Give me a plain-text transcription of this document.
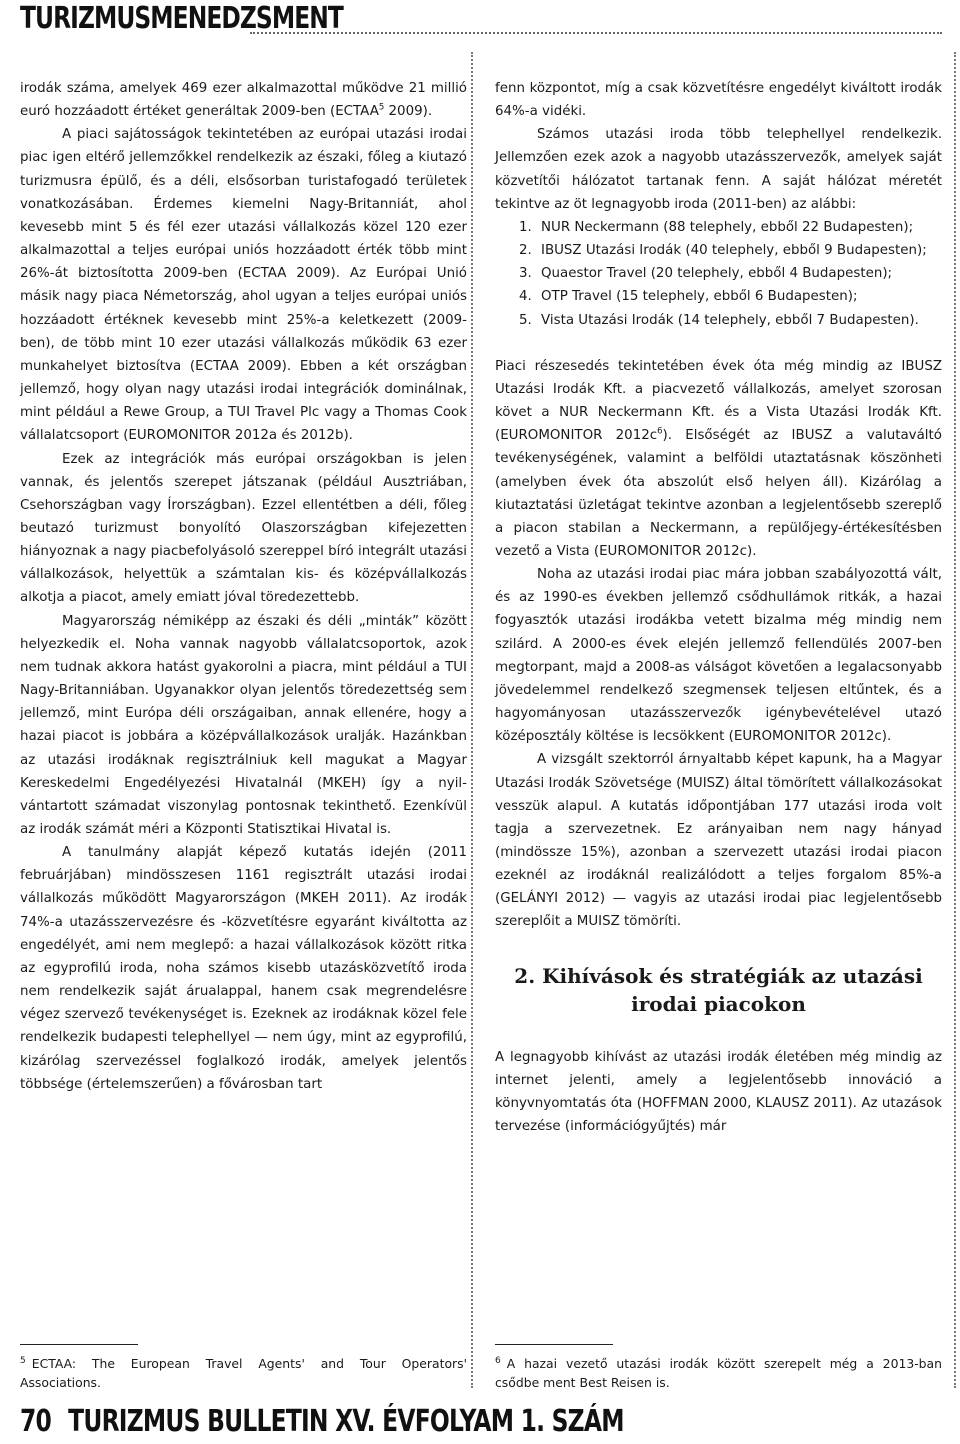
TURIZMUSMENEDZSMENT

irodák száma, amelyek 469 ezer alkalmazottal működve 21 millió euró hozzáadott értéket generáltak 2009-ben (ECTAA$^5$ 2009).

A piaci sajátosságok tekintetében az európai utazási irodai piac igen eltérő jellemzőkkel rendelkezik az északi, főleg a kiutazó turizmusra épülő, és a déli, elsősorban turistafogadó területek vonatkozásában. Érdemes kiemelni Nagy-Britanniát, ahol kevesebb mint 5 és fél ezer utazási vállalkozás közel 120 ezer alkalmazottal a teljes európai uniós hozzáadott érték több mint 26%-át biztosította 2009-ben (ECTAA 2009). Az Európai Unió másik nagy piaca Németország, ahol ugyan a teljes európai uniós hozzáadott értéknek kevesebb mint 25%-a keletkezett (2009-ben), de több mint 10 ezer utazási vállalkozás működik 63 ezer munkahelyet biztosítva (ECTAA 2009). Ebben a két országban jellemző, hogy olyan nagy utazási irodai integrációk dominálnak, mint például a Rewe Group, a TUI Travel Plc vagy a Thomas Cook vállalatcsoport (EUROMONITOR 2012a és 2012b).

Ezek az integrációk más európai országokban is jelen vannak, és jelentős szerepet játszanak (például Ausztriában, Csehországban vagy Írországban). Ezzel ellentétben a déli, főleg beutazó turizmust bonyolító Olaszországban kifejezetten hiányoznak a nagy piacbefolyásoló szereppel bíró integrált utazási vállalkozások, helyettük a számtalan kis- és középvállalkozás alkotja a piacot, amely emiatt jóval töredezettebb.

Magyarország némiképp az északi és déli „minták” között helyezkedik el. Noha vannak nagyobb vállalatcsoportok, azok nem tudnak akkora hatást gyakorolni a piacra, mint például a TUI Nagy-Britanniában. Ugyanakkor olyan jelentős töredezettség sem jellemző, mint Európa déli országaiban, annak ellenére, hogy a hazai piacot is jobbára a középvállalkozások uralják. Hazánkban az utazási irodáknak regisztrálniuk kell magukat a Magyar Kereskedelmi Engedélyezési Hivatalnál (MKEH) így a nyilvántartott számadat viszonylag pontosnak tekinthető. Ezenkívül az irodák számát méri a Központi Statisztikai Hivatal is.

A tanulmány alapját képező kutatás idején (2011 februárjában) mindösszesen 1161 regisztrált utazási irodai vállalkozás működött Magyarországon (MKEH 2011). Az irodák 74%-a utazásszervezésre és -közvetítésre egyaránt kiváltotta az engedélyét, ami nem meglepő: a hazai vállalkozások között ritka az egyprofilú iroda, noha számos kisebb utazásközvetítő iroda nem rendelkezik saját árualappal, hanem csak megrendelésre végez szervező tevékenységet is. Ezeknek az irodáknak közel fele rendelkezik budapesti telephellyel — nem úgy, mint az egyprofilú, kizárólag szervezéssel foglalkozó irodák, amelyek jelentős többsége (értelemszerűen) a fővárosban tart

fenn központot, míg a csak közvetítésre engedélyt kiváltott irodák 64%-a vidéki.

Számos utazási iroda több telephellyel rendelkezik. Jellemzően ezek azok a nagyobb utazásszervezők, amelyek saját közvetítői hálózatot tartanak fenn. A saját hálózat méretét tekintve az öt legnagyobb iroda (2011-ben) az alábbi:

1. NUR Neckermann (88 telephely, ebből 22 Budapesten);
2. IBUSZ Utazási Irodák (40 telephely, ebből 9 Budapesten);
3. Quaestor Travel (20 telephely, ebből 4 Budapesten);
4. OTP Travel (15 telephely, ebből 6 Budapesten);
5. Vista Utazási Irodák (14 telephely, ebből 7 Budapesten).

Piaci részesedés tekintetében évek óta még mindig az IBUSZ Utazási Irodák Kft. a piacvezető vállalkozás, amelyet szorosan követ a NUR Neckermann Kft. és a Vista Utazási Irodák Kft. (EUROMONITOR $2012c^6$). Elsőségét az IBUSZ a valutaváltó tevékenységének, valamint a belföldi utaztatásnak köszönheti (amelyben évek óta abszolút első helyen áll). Kizárólag a kiutaztatási üzletágat tekintve azonban a legjelentősebb szereplő a piacon stabilan a Neckermann, a repülőjegy-értékesítésben vezető a Vista (EUROMONITOR 2012c).

Noha az utazási irodai piac mára jobban szabályozottá vált, és az 1990-es években jellemző csődhullámok ritkák, a hazai fogyasztók utazási irodákba vetett bizalma még mindig nem szilárd. A 2000-es évek elején jellemző fellendülés 2007-ben megtorpant, majd a 2008-as válságot követően a legalacsonyabb jövedelemmel rendelkező szegmensek teljesen eltűntek, és a hagyományosan utazásszervezők igénybevételével utazó középosztály költése is lecsökkent (EUROMONITOR 2012c).

A vizsgált szektorról árnyaltabb képet kapunk, ha a Magyar Utazási Irodák Szövetsége (MUISZ) által tömörített vállalkozásokat vesszük alapul. A kutatás időpontjában 177 utazási iroda volt tagja a szervezetnek. Ez arányaiban nem nagy hányad (mindössze 15%), azonban a szervezett utazási irodai piacon ezeknél az irodáknál realizálódott a teljes forgalom 85%-a (GELÁNYI 2012) — vagyis az utazási irodai piac legjelentősebb szereplőit a MUISZ tömöríti.

2. Kihívások és stratégiák az utazási irodai piacokon

A legnagyobb kihívást az utazási irodák életében még mindig az internet jelenti, amely a legjelentősebb innováció a könyvnyomtatás óta (HOFFMAN 2000, KLAUSZ 2011). Az utazások tervezése (információgyűjtés) már

$^5$ ECTAA: The European Travel Agents' and Tour Operators' Associations.
$^6$ A hazai vezető utazási irodák között szerepelt még a 2013-ban csődbe ment Best Reisen is.
70 TURIZMUS BULLETIN XV. ÉVFOLYAM 1. SZÁM
